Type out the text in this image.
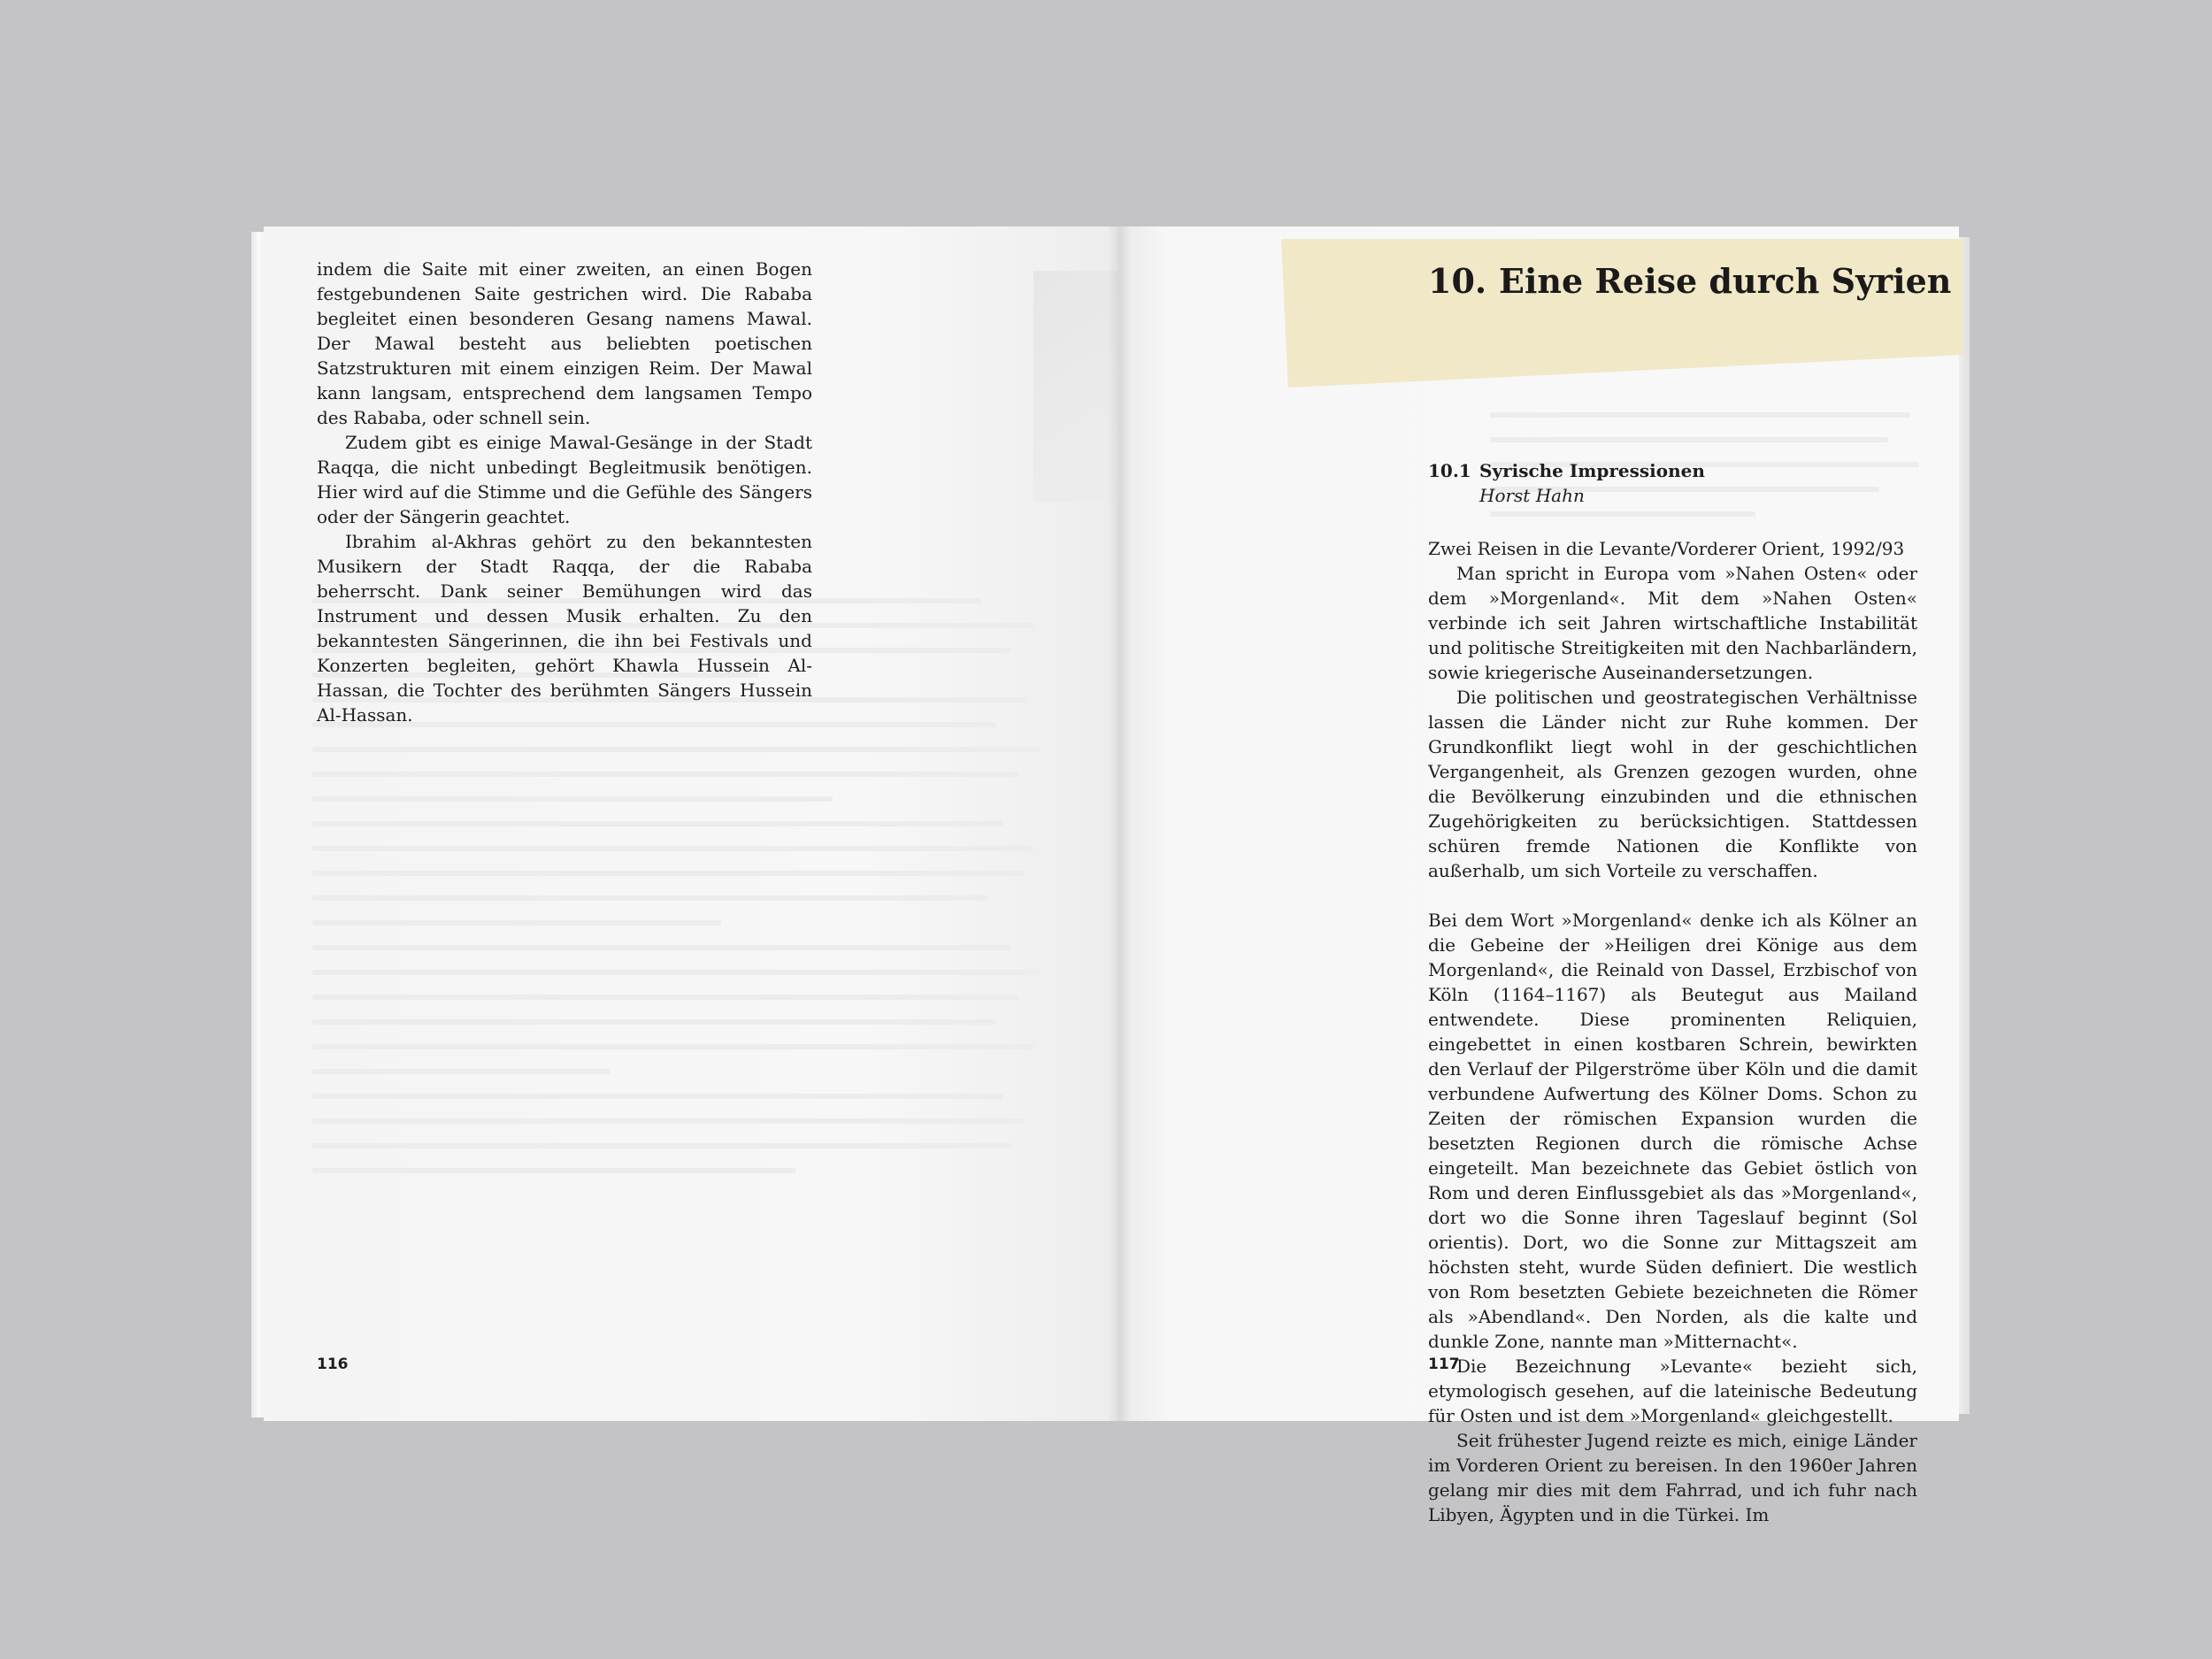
indem die Saite mit einer zweiten, an einen Bogen festgebundenen Saite gestrichen wird. Die Rababa begleitet einen besonderen Gesang namens Mawal. Der Mawal besteht aus beliebten poetischen Satzstrukturen mit einem einzigen Reim. Der Mawal kann langsam, entsprechend dem langsamen Tempo des Rababa, oder schnell sein.

Zudem gibt es einige Mawal-Gesänge in der Stadt Raqqa, die nicht unbedingt Begleitmusik benötigen. Hier wird auf die Stimme und die Gefühle des Sängers oder der Sängerin geachtet.

Ibrahim al-Akhras gehört zu den bekanntesten Musikern der Stadt Raqqa, der die Rababa beherrscht. Dank seiner Bemühungen wird das Instrument und dessen Musik erhalten. Zu den bekanntesten Sängerinnen, die ihn bei Festivals und Konzerten begleiten, gehört Khawla Hussein Al-Hassan, die Tochter des berühmten Sängers Hussein Al-Hassan.

116
10. Eine Reise durch Syrien
10.1 Syrische Impressionen
Horst Hahn

Zwei Reisen in die Levante/Vorderer Orient, 1992/93

Man spricht in Europa vom »Nahen Osten« oder dem »Morgenland«. Mit dem »Nahen Osten« verbinde ich seit Jahren wirtschaftliche Instabilität und politische Streitigkeiten mit den Nachbarländern, sowie kriegerische Auseinandersetzungen.

Die politischen und geostrategischen Verhältnisse lassen die Länder nicht zur Ruhe kommen. Der Grundkonflikt liegt wohl in der geschichtlichen Vergangenheit, als Grenzen gezogen wurden, ohne die Bevölkerung einzubinden und die ethnischen Zugehörigkeiten zu berücksichtigen. Stattdessen schüren fremde Nationen die Konflikte von außerhalb, um sich Vorteile zu verschaffen.

Bei dem Wort »Morgenland« denke ich als Kölner an die Gebeine der »Heiligen drei Könige aus dem Morgenland«, die Reinald von Dassel, Erzbischof von Köln (1164–1167) als Beutegut aus Mailand entwendete. Diese prominenten Reliquien, eingebettet in einen kostbaren Schrein, bewirkten den Verlauf der Pilgerströme über Köln und die damit verbundene Aufwertung des Kölner Doms. Schon zu Zeiten der römischen Expansion wurden die besetzten Regionen durch die römische Achse eingeteilt. Man bezeichnete das Gebiet östlich von Rom und deren Einflussgebiet als das »Morgenland«, dort wo die Sonne ihren Tageslauf beginnt (Sol orientis). Dort, wo die Sonne zur Mittagszeit am höchsten steht, wurde Süden definiert. Die westlich von Rom besetzten Gebiete bezeichneten die Römer als »Abendland«. Den Norden, als die kalte und dunkle Zone, nannte man »Mitternacht«.

Die Bezeichnung »Levante« bezieht sich, etymologisch gesehen, auf die lateinische Bedeutung für Osten und ist dem »Morgenland« gleichgestellt.

Seit frühester Jugend reizte es mich, einige Länder im Vorderen Orient zu bereisen. In den 1960er Jahren gelang mir dies mit dem Fahrrad, und ich fuhr nach Libyen, Ägypten und in die Türkei. Im

117
